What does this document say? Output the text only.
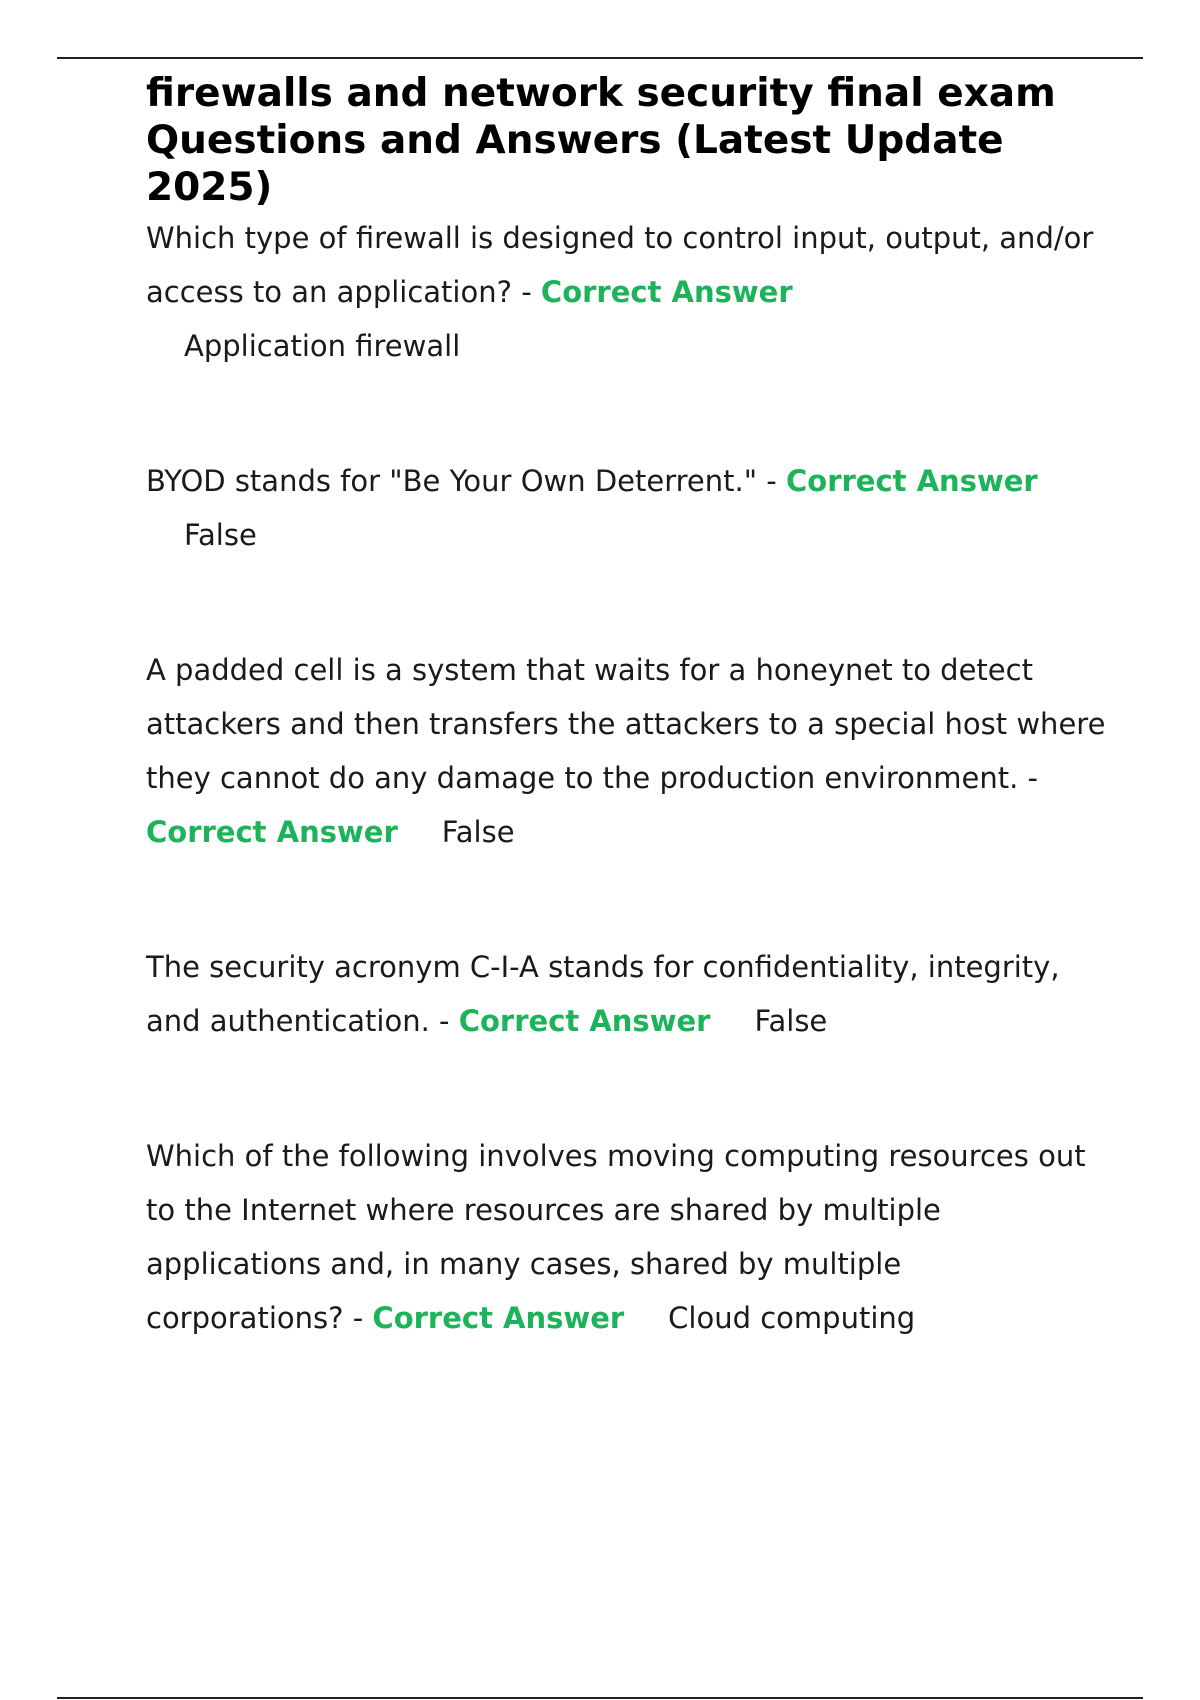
firewalls and network security final exam Questions and Answers (Latest Update 2025)

Which type of firewall is designed to control input, output, and/or access to an application? - Correct Answer
Application firewall

BYOD stands for "Be Your Own Deterrent." - Correct Answer
False

A padded cell is a system that waits for a honeynet to detect attackers and then transfers the attackers to a special host where they cannot do any damage to the production environment. - Correct Answer False

The security acronym C-I-A stands for confidentiality, integrity, and authentication. - Correct Answer False

Which of the following involves moving computing resources out to the Internet where resources are shared by multiple applications and, in many cases, shared by multiple corporations? - Correct Answer Cloud computing
